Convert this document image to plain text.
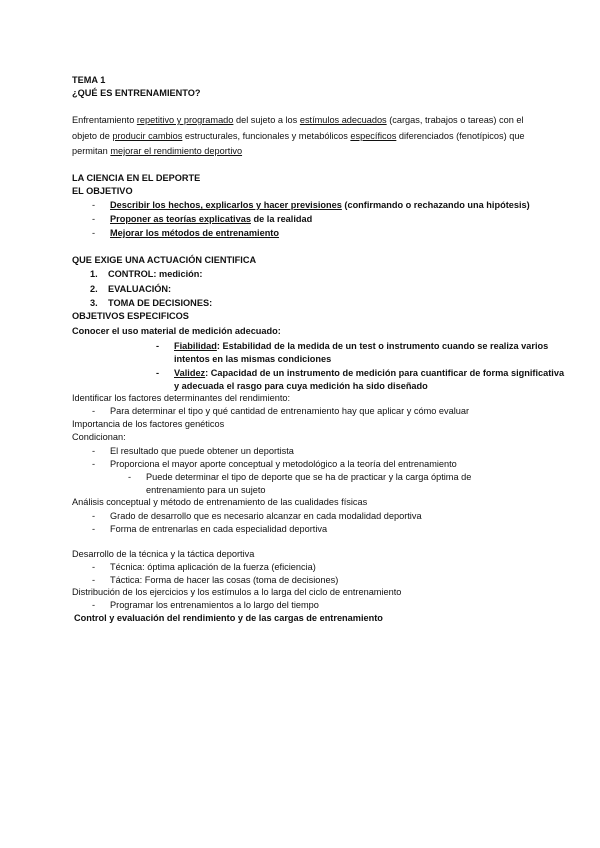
TEMA 1
¿QUÉ ES ENTRENAMIENTO?
Enfrentamiento repetitivo y programado del sujeto a los estímulos adecuados (cargas, trabajos o tareas) con el
objeto de producir cambios estructurales, funcionales y metabólicos específicos diferenciados (fenotípicos) que
permitan mejorar el rendimiento deportivo
LA CIENCIA EN EL DEPORTE
EL OBJETIVO
- Describir los hechos, explicarlos y hacer previsiones (confirmando o rechazando una hipótesis)
- Proponer as teorías explicativas de la realidad
- Mejorar los métodos de entrenamiento
QUE EXIGE UNA ACTUACIÓN CIENTIFICA
1. CONTROL: medición:
2. EVALUACIÓN:
3. TOMA DE DECISIONES:
OBJETIVOS ESPECIFICOS
Conocer el uso material de medición adecuado:
- Fiabilidad: Estabilidad de la medida de un test o instrumento cuando se realiza varios
intentos en las mismas condiciones
- Validez: Capacidad de un instrumento de medición para cuantificar de forma significativa
y adecuada el rasgo para cuya medición ha sido diseñado
Identificar los factores determinantes del rendimiento:
- Para determinar el tipo y qué cantidad de entrenamiento hay que aplicar y cómo evaluar
Importancia de los factores genéticos
Condicionan:
- El resultado que puede obtener un deportista
- Proporciona el mayor aporte conceptual y metodológico a la teoría del entrenamiento
- Puede determinar el tipo de deporte que se ha de practicar y la carga óptima de
entrenamiento para un sujeto
Análisis conceptual y método de entrenamiento de las cualidades físicas
- Grado de desarrollo que es necesario alcanzar en cada modalidad deportiva
- Forma de entrenarlas en cada especialidad deportiva
Desarrollo de la técnica y la táctica deportiva
- Técnica: óptima aplicación de la fuerza (eficiencia)
- Táctica: Forma de hacer las cosas (toma de decisiones)
Distribución de los ejercicios y los estímulos a lo larga del ciclo de entrenamiento
- Programar los entrenamientos a lo largo del tiempo
Control y evaluación del rendimiento y de las cargas de entrenamiento
